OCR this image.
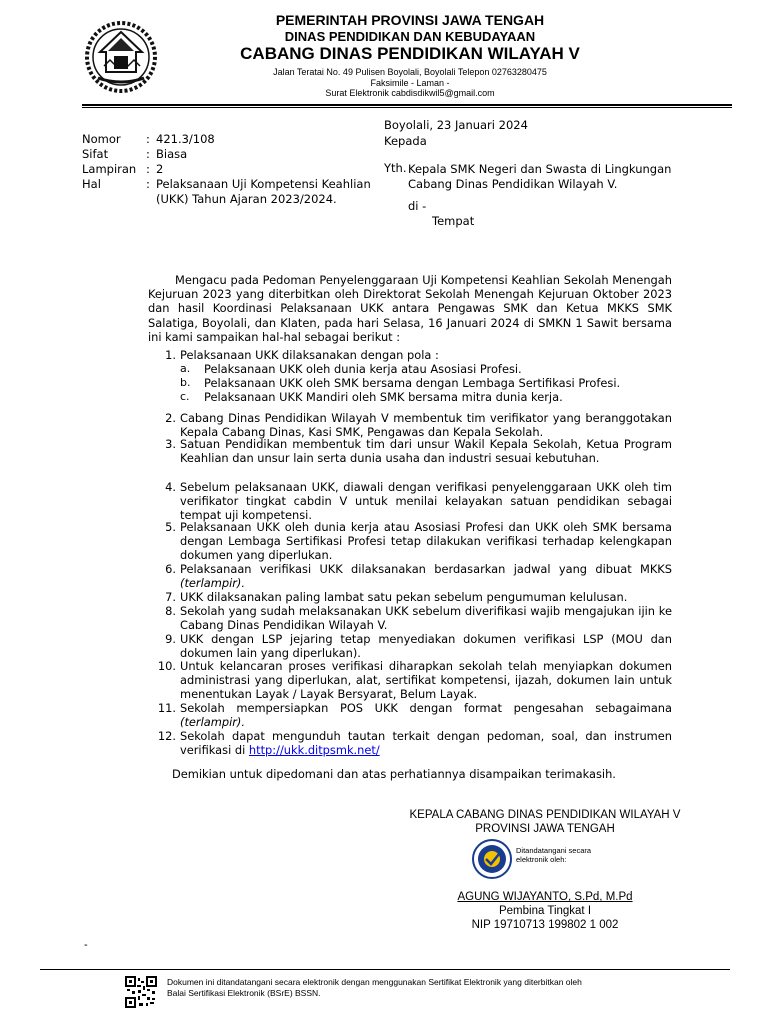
PEMERINTAH PROVINSI JAWA TENGAH
DINAS PENDIDIKAN DAN KEBUDAYAAN
CABANG DINAS PENDIDIKAN WILAYAH V
Jalan Teratai No. 49 Pulisen Boyolali, Boyolali Telepon 02763280475
Faksimile - Laman -
Surat Elektronik cabdisdikwil5@gmail.com
Boyolali, 23 Januari 2024
Kepada
Nomor : 421.3/108
Sifat	: Biasa
Lampiran : 2
Hal	: Pelaksanaan Uji Kompetensi Keahlian
(UKK) Tahun Ajaran 2023/2024.
Yth. Kepala SMK Negeri dan Swasta di Lingkungan
Cabang Dinas Pendidikan Wilayah V.
di -
Tempat
Mengacu pada Pedoman Penyelenggaraan Uji Kompetensi Keahlian Sekolah Menengah Kejuruan 2023 yang diterbitkan oleh Direktorat Sekolah Menengah Kejuruan Oktober 2023 dan hasil Koordinasi Pelaksanaan UKK antara Pengawas SMK dan Ketua MKKS SMK Salatiga, Boyolali, dan Klaten, pada hari Selasa, 16 Januari 2024 di SMKN 1 Sawit bersama ini kami sampaikan hal-hal sebagai berikut :
1. Pelaksanaan UKK dilaksanakan dengan pola :
a. Pelaksanaan UKK oleh dunia kerja atau Asosiasi Profesi.
b. Pelaksanaan UKK oleh SMK bersama dengan Lembaga Sertifikasi Profesi.
c. Pelaksanaan UKK Mandiri oleh SMK bersama mitra dunia kerja.
2. Cabang Dinas Pendidikan Wilayah V membentuk tim verifikator yang beranggotakan Kepala Cabang Dinas, Kasi SMK, Pengawas dan Kepala Sekolah.
3. Satuan Pendidikan membentuk tim dari unsur Wakil Kepala Sekolah, Ketua Program Keahlian dan unsur lain serta dunia usaha dan industri sesuai kebutuhan.
4. Sebelum pelaksanaan UKK, diawali dengan verifikasi penyelenggaraan UKK oleh tim verifikator tingkat cabdin V untuk menilai kelayakan satuan pendidikan sebagai tempat uji kompetensi.
5. Pelaksanaan UKK oleh dunia kerja atau Asosiasi Profesi dan UKK oleh SMK bersama dengan Lembaga Sertifikasi Profesi tetap dilakukan verifikasi terhadap kelengkapan dokumen yang diperlukan.
6. Pelaksanaan verifikasi UKK dilaksanakan berdasarkan jadwal yang dibuat MKKS (terlampir).
7. UKK dilaksanakan paling lambat satu pekan sebelum pengumuman kelulusan.
8. Sekolah yang sudah melaksanakan UKK sebelum diverifikasi wajib mengajukan ijin ke Cabang Dinas Pendidikan Wilayah V.
9. UKK dengan LSP jejaring tetap menyediakan dokumen verifikasi LSP (MOU dan dokumen lain yang diperlukan).
10. Untuk kelancaran proses verifikasi diharapkan sekolah telah menyiapkan dokumen administrasi yang diperlukan, alat, sertifikat kompetensi, ijazah, dokumen lain untuk menentukan Layak / Layak Bersyarat, Belum Layak.
11. Sekolah mempersiapkan POS UKK dengan format pengesahan sebagaimana (terlampir).
12. Sekolah dapat mengunduh tautan terkait dengan pedoman, soal, dan instrumen verifikasi di http://ukk.ditpsmk.net/
Demikian untuk dipedomani dan atas perhatiannya disampaikan terimakasih.
KEPALA CABANG DINAS PENDIDIKAN WILAYAH V
PROVINSI JAWA TENGAH
Ditandatangani secara
elektronik oleh:
AGUNG WIJAYANTO, S.Pd, M.Pd
Pembina Tingkat I
NIP 19710713 199802 1 002
-
Dokumen ini ditandatangani secara elektronik dengan menggunakan Sertifikat Elektronik yang diterbitkan oleh
Balai Sertifikasi Elektronik (BSrE) BSSN.
